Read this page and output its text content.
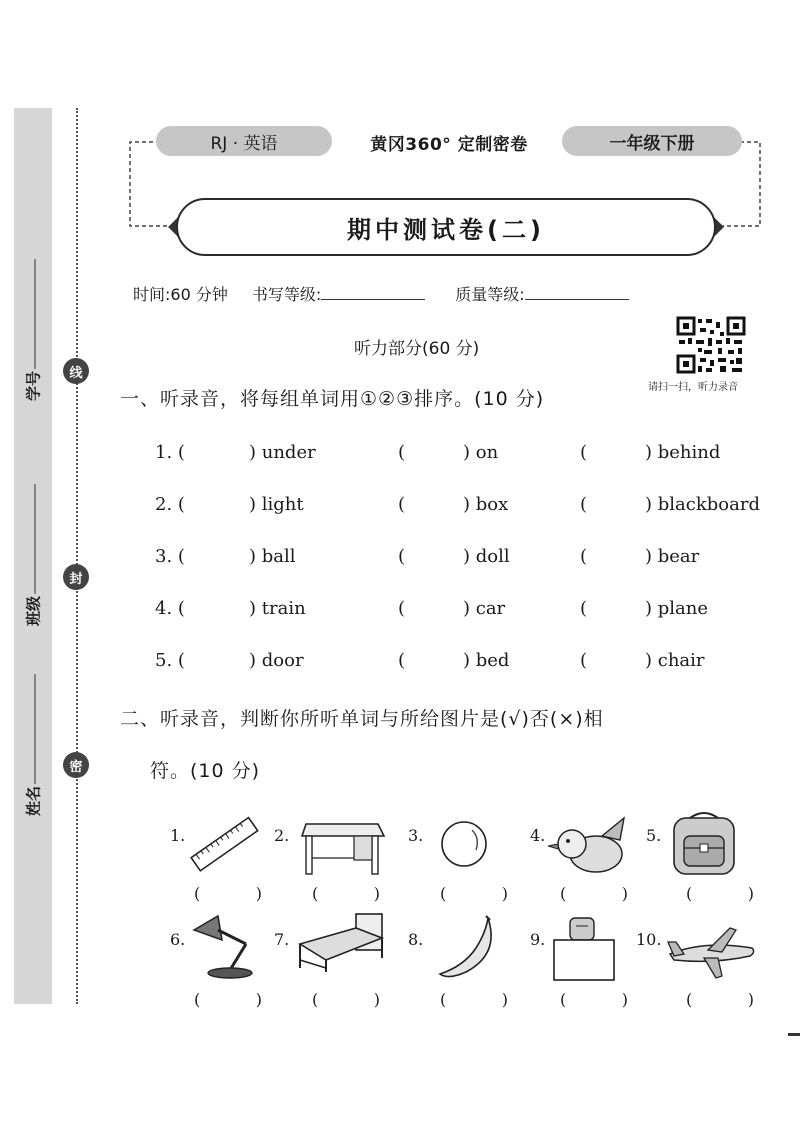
学号
班级
姓名
线
封
密
RJ · 英语	黄冈360° 定制密卷	一年级下册
期中测试卷(二)
时间:60 分钟 书写等级:	质量等级:
请扫一扫，听力录音
听力部分(60 分)
一、听录音，将每组单词用①②③排序。(10 分)
1. (	) under	(	) on	(	) behind
2. (	) light	(	) box	(	) blackboard
3. (	) ball	(	) doll	(	) bear
4. (	) train	(	) car	(	) plane
5. (	) door	(	) bed	(	) chair
二、听录音，判断你所听单词与所给图片是(√)否(×)相
符。(10 分)
1.	2.	3.	4.	5.
(	)	(	)	(	)	(	)	(	)
6.	7.	8.	9.	10.
(	)	(	)	(	)	(	)	(	)
